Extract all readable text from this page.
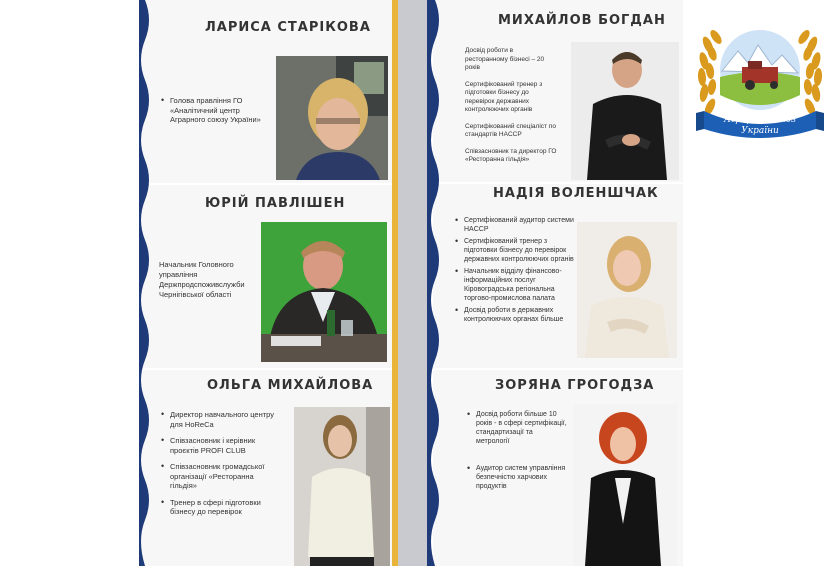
ЛАРИСА СТАРІКОВА
• Голова правління ГО «Аналітичний центр Аграрного союзу України»
ЮРІЙ ПАВЛІШЕН
Начальник Головного управління Держпродспоживслужби Чернігівської області
ОЛЬГА МИХАЙЛОВА
• Директор навчального центру для HoReCa
• Співзасновник і керівник проєктів PROFI CLUB
• Співзасновник громадської організації «Ресторанна гільдія»
• Тренер в сфері підготовки бізнесу до перевірок
МИХАЙЛОВ БОГДАН

Досвід роботи в ресторанному бізнесі – 20 років

Сертифікований тренер з підготовки бізнесу до перевірок державних контролюючих органів

Сертифікований спеціаліст по стандартів HACCP

Співзасновник та директор ГО «Ресторанна гільдія»

НАДІЯ ВОЛЕНШЧАК
• Сертифікований аудитор системи HACCP
• Сертифікований тренер з підготовки бізнесу до перевірок державних контролюючих органів
• Начальник відділу фінансово-інформаційних послуг Кіровоградська регіональна торгово-промислова палата
• Досвід роботи в державних контролюючих органах більше
ЗОРЯНА ГРОГОДЗА
• Досвід роботи більше 10 років - в сфері сертифікації, стандартизації та метрології
• Аудитор систем управління безпечністю харчових продуктів
Аграрний союз
України
